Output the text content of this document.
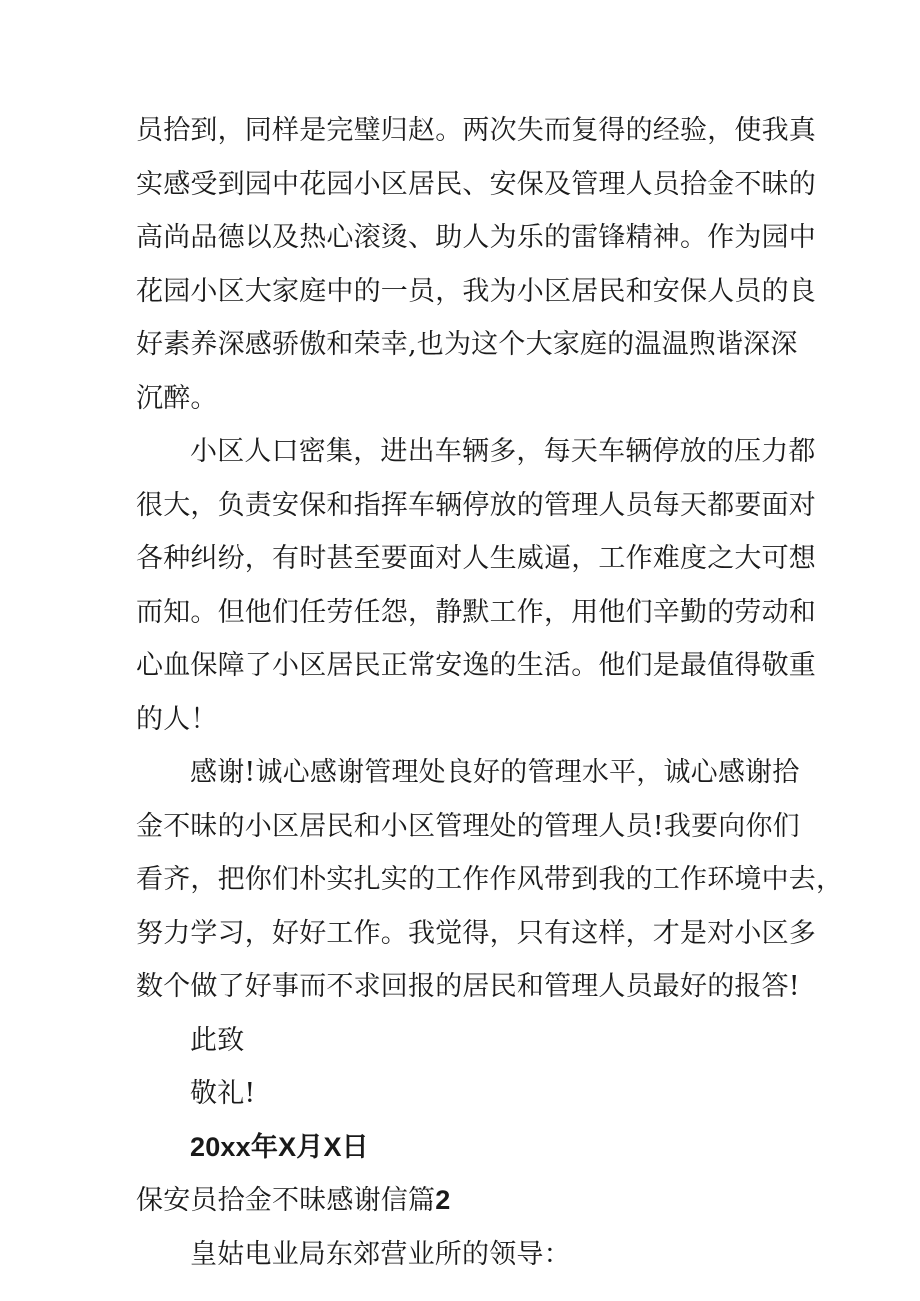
员拾到，同样是完璧归赵。两次失而复得的经验，使我真
实感受到园中花园小区居民、安保及管理人员拾金不昧的
高尚品德以及热心滚烫、助人为乐的雷锋精神。作为园中
花园小区大家庭中的一员，我为小区居民和安保人员的良
好素养深感骄傲和荣幸,也为这个大家庭的温温煦谐深深
沉醉。

小区人口密集，进出车辆多，每天车辆停放的压力都
很大，负责安保和指挥车辆停放的管理人员每天都要面对
各种纠纷，有时甚至要面对人生威逼，工作难度之大可想
而知。但他们任劳任怨，静默工作，用他们辛勤的劳动和
心血保障了小区居民正常安逸的生活。他们是最值得敬重
的人！

感谢!诚心感谢管理处良好的管理水平，诚心感谢拾
金不昧的小区居民和小区管理处的管理人员!我要向你们
看齐，把你们朴实扎实的工作作风带到我的工作环境中去，
努力学习，好好工作。我觉得，只有这样，才是对小区多
数个做了好事而不求回报的居民和管理人员最好的报答!

此致
敬礼!
20xx年X月X日
保安员拾金不昧感谢信篇2
皇姑电业局东郊营业所的领导：
